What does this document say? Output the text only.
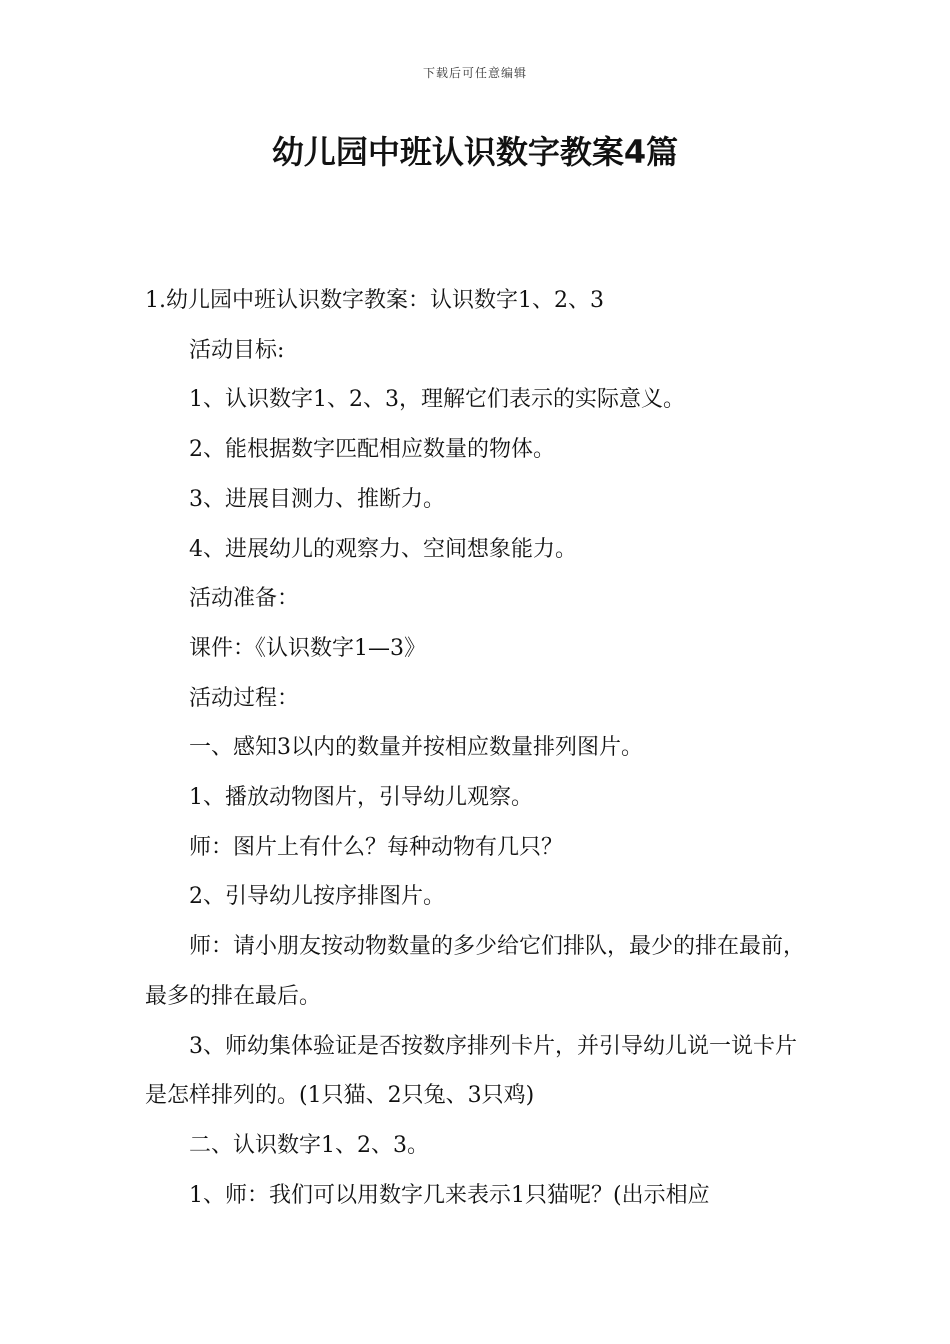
下载后可任意编辑
幼儿园中班认识数字教案4篇

1.幼儿园中班认识数字教案：认识数字1、2、3

活动目标:

1、认识数字1、2、3，理解它们表示的实际意义。

2、能根据数字匹配相应数量的物体。

3、进展目测力、推断力。

4、进展幼儿的观察力、空间想象能力。

活动准备：

课件：《认识数字1—3》

活动过程：

一、感知3以内的数量并按相应数量排列图片。

1、播放动物图片，引导幼儿观察。

师：图片上有什么？每种动物有几只？

2、引导幼儿按序排图片。

师：请小朋友按动物数量的多少给它们排队，最少的排在最前，最多的排在最后。

3、师幼集体验证是否按数序排列卡片，并引导幼儿说一说卡片是怎样排列的。(1只猫、2只兔、3只鸡)

二、认识数字1、2、3。

1、师：我们可以用数字几来表示1只猫呢？(出示相应
